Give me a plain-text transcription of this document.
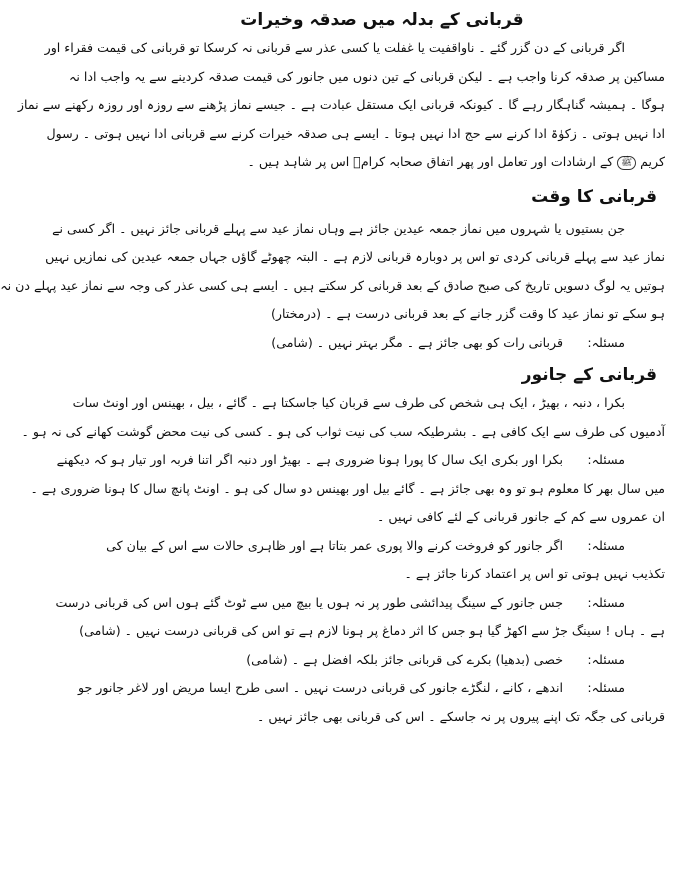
قربانی کے بدلہ میں صدقہ وخیرات
اگر قربانی کے دن گزر گئے ۔ ناواقفیت یا غفلت یا کسی عذر سے قربانی نہ کرسکا تو قربانی کی قیمت فقراء اور
مساکین پر صدقہ کرنا واجب ہے ۔ لیکن قربانی کے تین دنوں میں جانور کی قیمت صدقہ کردینے سے یہ واجب ادا نہ
ہوگا ۔ ہمیشہ گناہگار رہے گا ۔ کیونکہ قربانی ایک مستقل عبادت ہے ۔ جیسے نماز پڑھنے سے روزہ اور روزہ رکھنے سے نماز
ادا نہیں ہوتی ۔ زکوٰۃ ادا کرنے سے حج ادا نہیں ہوتا ۔ ایسے ہی صدقہ خیرات کرنے سے قربانی ادا نہیں ہوتی ۔ رسول
کریم ﷺ کے ارشادات اور تعامل اور پھر اتفاق صحابہ کرامؓ اس پر شاہد ہیں ۔
قربانی کا وقت
جن بستیوں یا شہروں میں نماز جمعہ عیدین جائز ہے وہاں نماز عید سے پہلے قربانی جائز نہیں ۔ اگر کسی نے
نماز عید سے پہلے قربانی کردی تو اس پر دوبارہ قربانی لازم ہے ۔ البتہ چھوٹے گاؤں جہاں جمعہ عیدین کی نمازیں نہیں
ہوتیں یہ لوگ دسویں تاریخ کی صبح صادق کے بعد قربانی کر سکتے ہیں ۔ ایسے ہی کسی عذر کی وجہ سے نماز عید پہلے دن نہ
ہو سکے تو نماز عید کا وقت گزر جانے کے بعد قربانی درست ہے ۔ (درمختار)
مسئلہ: قربانی رات کو بھی جائز ہے ۔ مگر بہتر نہیں ۔ (شامی)
قربانی کے جانور
بکرا ، دنبہ ، بھیڑ ، ایک ہی شخص کی طرف سے قربان کیا جاسکتا ہے ۔ گائے ، بیل ، بھینس اور اونٹ سات
آدمیوں کی طرف سے ایک کافی ہے ۔ بشرطیکہ سب کی نیت ثواب کی ہو ۔ کسی کی نیت محض گوشت کھانے کی نہ ہو ۔
مسئلہ: بکرا اور بکری ایک سال کا پورا ہونا ضروری ہے ۔ بھیڑ اور دنبہ اگر اتنا فربہ اور تیار ہو کہ دیکھنے
میں سال بھر کا معلوم ہو تو وہ بھی جائز ہے ۔ گائے بیل اور بھینس دو سال کی ہو ۔ اونٹ پانچ سال کا ہونا ضروری ہے ۔
ان عمروں سے کم کے جانور قربانی کے لئے کافی نہیں ۔
مسئلہ: اگر جانور کو فروخت کرنے والا پوری عمر بتاتا ہے اور ظاہری حالات سے اس کے بیان کی
تکذیب نہیں ہوتی تو اس پر اعتماد کرنا جائز ہے ۔
مسئلہ: جس جانور کے سینگ پیدائشی طور پر نہ ہوں یا بیچ میں سے ٹوٹ گئے ہوں اس کی قربانی درست
ہے ۔ ہاں ! سینگ جڑ سے اکھڑ گیا ہو جس کا اثر دماغ پر ہونا لازم ہے تو اس کی قربانی درست نہیں ۔ (شامی)
مسئلہ: خصی (بدھیا) بکرے کی قربانی جائز بلکہ افضل ہے ۔ (شامی)
مسئلہ: اندھے ، کانے ، لنگڑے جانور کی قربانی درست نہیں ۔ اسی طرح ایسا مریض اور لاغر جانور جو
قربانی کی جگہ تک اپنے پیروں پر نہ جاسکے ۔ اس کی قربانی بھی جائز نہیں ۔
